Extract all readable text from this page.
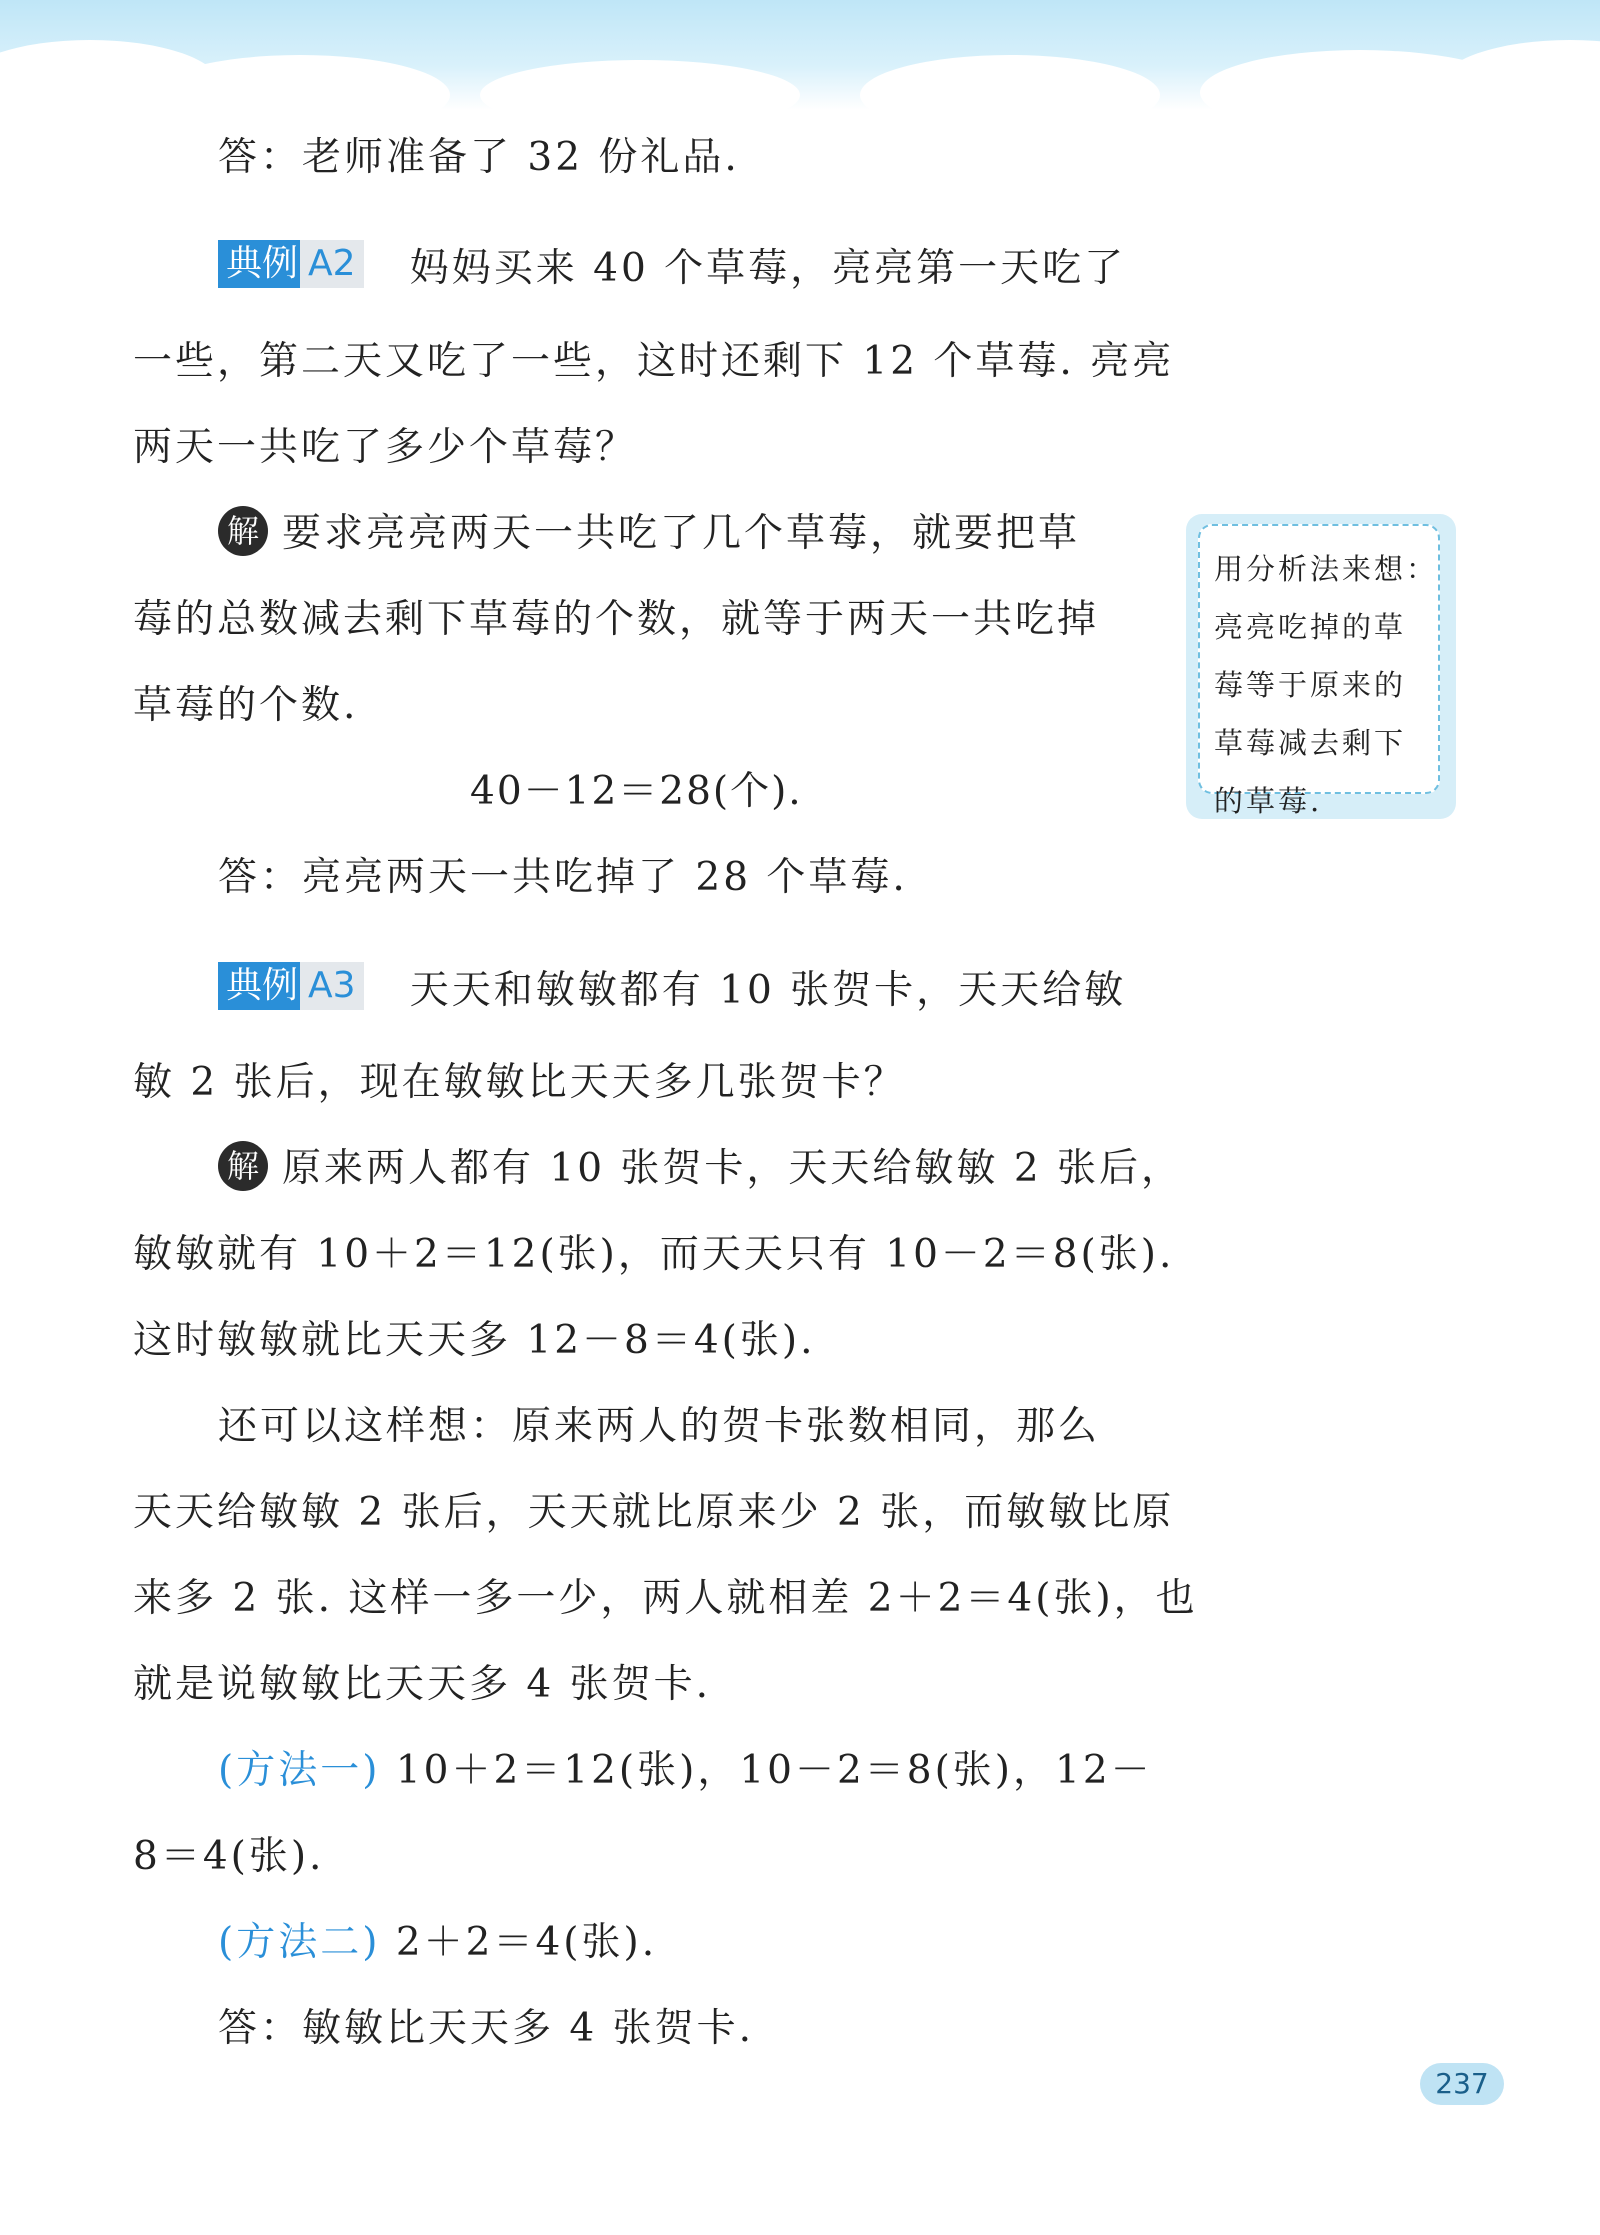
答：老师准备了 32 份礼品.

典例 A2 妈妈买来 40 个草莓，亮亮第一天吃了

一些，第二天又吃了一些，这时还剩下 12 个草莓. 亮亮

两天一共吃了多少个草莓？

解 要求亮亮两天一共吃了几个草莓，就要把草

莓的总数减去剩下草莓的个数，就等于两天一共吃掉

草莓的个数.

40－12＝28(个).

答：亮亮两天一共吃掉了 28 个草莓.

用分析法来想：
亮亮吃掉的草
莓等于原来的
草莓减去剩下
的草莓.

典例 A3 天天和敏敏都有 10 张贺卡，天天给敏

敏 2 张后，现在敏敏比天天多几张贺卡？

解 原来两人都有 10 张贺卡，天天给敏敏 2 张后，

敏敏就有 10＋2＝12(张)，而天天只有 10－2＝8(张).

这时敏敏就比天天多 12－8＝4(张).

还可以这样想：原来两人的贺卡张数相同，那么

天天给敏敏 2 张后，天天就比原来少 2 张，而敏敏比原

来多 2 张. 这样一多一少，两人就相差 2＋2＝4(张)，也

就是说敏敏比天天多 4 张贺卡.

(方法一) 10＋2＝12(张)，10－2＝8(张)，12－

8＝4(张).

(方法二) 2＋2＝4(张).

答：敏敏比天天多 4 张贺卡.

237
